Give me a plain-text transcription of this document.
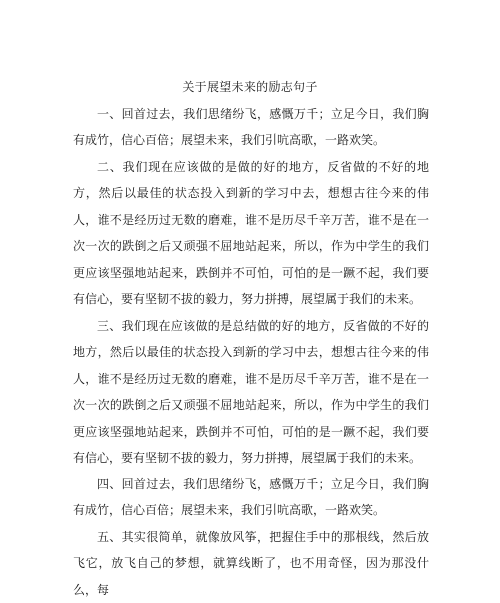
关于展望未来的励志句子

一、回首过去，我们思绪纷飞，感慨万千；立足今日，我们胸有成竹，信心百倍；展望未来，我们引吭高歌，一路欢笑。

二、我们现在应该做的是做的好的地方，反省做的不好的地方，然后以最佳的状态投入到新的学习中去，想想古往今来的伟人，谁不是经历过无数的磨难，谁不是历尽千辛万苦，谁不是在一次一次的跌倒之后又顽强不屈地站起来，所以，作为中学生的我们更应该坚强地站起来，跌倒并不可怕，可怕的是一蹶不起，我们要有信心，要有坚韧不拔的毅力，努力拼搏，展望属于我们的未来。

三、我们现在应该做的是总结做的好的地方，反省做的不好的地方，然后以最佳的状态投入到新的学习中去，想想古往今来的伟人，谁不是经历过无数的磨难，谁不是历尽千辛万苦，谁不是在一次一次的跌倒之后又顽强不屈地站起来，所以，作为中学生的我们更应该坚强地站起来，跌倒并不可怕，可怕的是一蹶不起，我们要有信心，要有坚韧不拔的毅力，努力拼搏，展望属于我们的未来。

四、回首过去，我们思绪纷飞，感慨万千；立足今日，我们胸有成竹，信心百倍；展望未来，我们引吭高歌，一路欢笑。

五、其实很简单，就像放风筝，把握住手中的那根线，然后放飞它，放飞自己的梦想，就算线断了，也不用奇怪，因为那没什么，每
